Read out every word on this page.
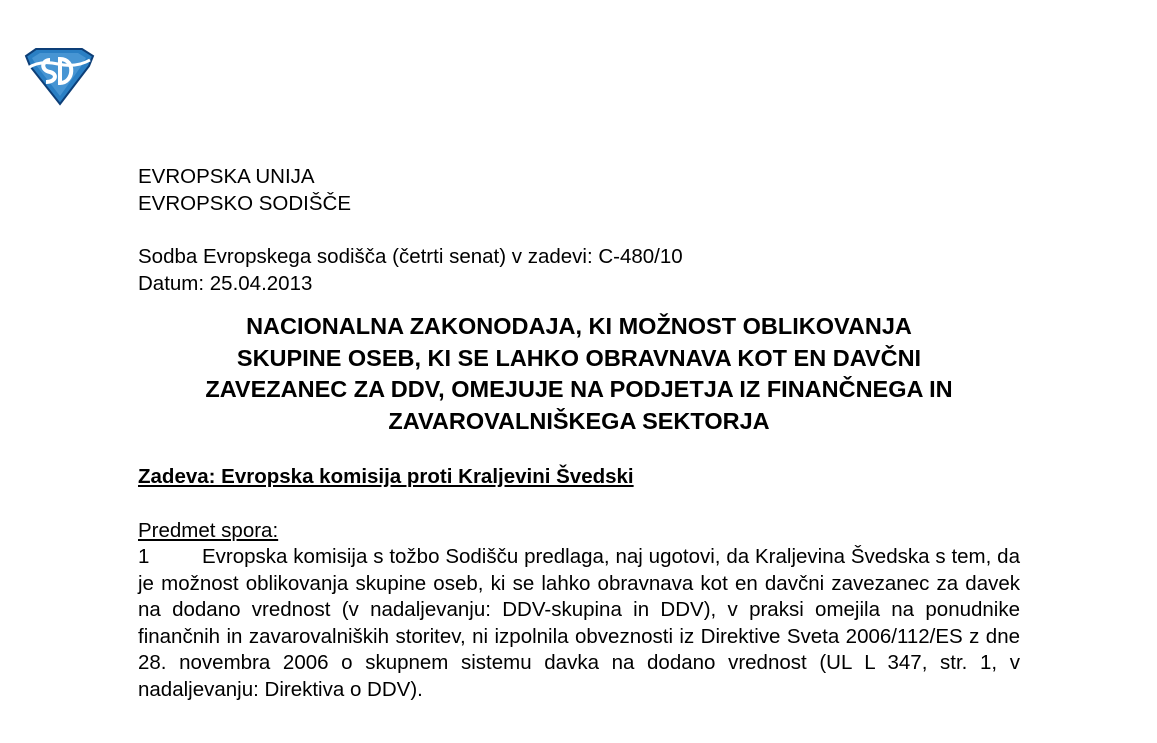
EVROPSKA UNIJA
EVROPSKO SODIŠČE
Sodba Evropskega sodišča (četrti senat) v zadevi: C-480/10
Datum: 25.04.2013
NACIONALNA ZAKONODAJA, KI MOŽNOST OBLIKOVANJA
SKUPINE OSEB, KI SE LAHKO OBRAVNAVA KOT EN DAVČNI
ZAVEZANEC ZA DDV, OMEJUJE NA PODJETJA IZ FINANČNEGA IN
ZAVAROVALNIŠKEGA SEKTORJA
Zadeva: Evropska komisija proti Kraljevini Švedski
Predmet spora:
1	Evropska komisija s tožbo Sodišču predlaga, naj ugotovi, da Kraljevina Švedska s tem, da je možnost oblikovanja skupine oseb, ki se lahko obravnava kot en davčni zavezanec za davek na dodano vrednost (v nadaljevanju: DDV-skupina in DDV), v praksi omejila na ponudnike finančnih in zavarovalniških storitev, ni izpolnila obveznosti iz Direktive Sveta 2006/112/ES z dne 28. novembra 2006 o skupnem sistemu davka na dodano vrednost (UL L 347, str. 1, v nadaljevanju: Direktiva o DDV).
